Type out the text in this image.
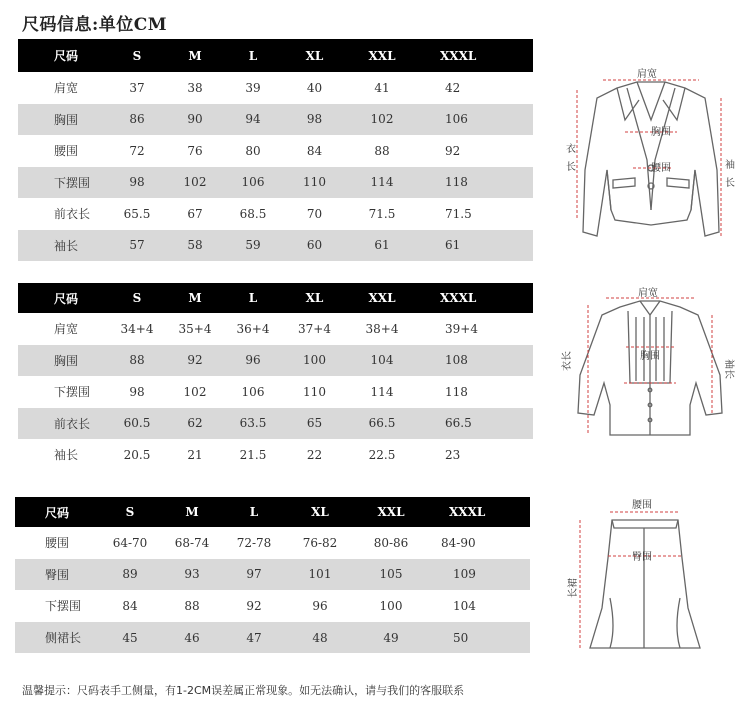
尺码信息:单位CM
尺码	S	M	L	XL	XXL	XXXL
肩宽	37	38	39	40	41	42
胸围	86	90	94	98	102	106
腰围	72	76	80	84	88	92
下摆围	98	102	106	110	114	118
前衣长	65.5	67	68.5	70	71.5	71.5
袖长	57	58	59	60	61	61
尺码	S	M	L	XL	XXL	XXXL
肩宽	34+4	35+4	36+4	37+4	38+4	39+4
胸围	88	92	96	100	104	108
下摆围	98	102	106	110	114	118
前衣长	60.5	62	63.5	65	66.5	66.5
袖长	20.5	21	21.5	22	22.5	23
尺码	S	M	L	XL	XXL	XXXL
腰围	64-70	68-74	72-78	76-82	80-86	84-90
臀围	89	93	97	101	105	109
下摆围	84	88	92	96	100	104
侧裙长	45	46	47	48	49	50
肩宽
胸围
腰围
衣
长	袖
长
肩宽
胸围
衣长	袖长
腰围
臀围
长裙
温馨提示：尺码表手工侧量，有1-2CM误差属正常现象。如无法确认，请与我们的客服联系
